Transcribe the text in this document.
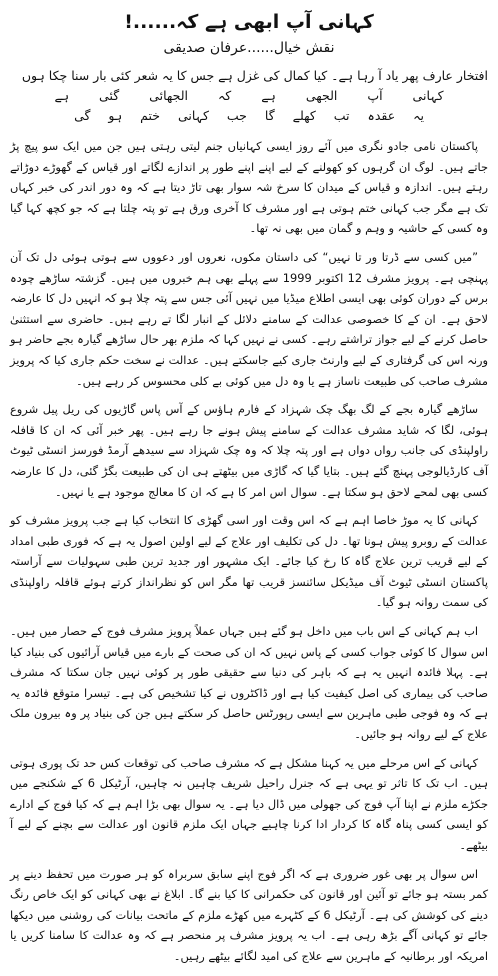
کہانی آپ ابھی ہے کہ......!
نقش خیال......عرفان صدیقی

افتخار عارف پھر یاد آ رہا ہے۔ کیا کمال کی غزل ہے جس کا یہ شعر کئی بار سنا چکا ہوں

کہانی آپ الجھی ہے کہ الجھائی گئی ہے

یہ عقدہ تب کھلے گا جب کہانی ختم ہو گی

پاکستان نامی جادو نگری میں آئے روز ایسی کہانیاں جنم لیتی رہتی ہیں جن میں ایک سو پیچ پڑ جاتے ہیں۔ لوگ ان گرہوں کو کھولنے کے لیے اپنے اپنے طور پر اندازے لگاتے اور قیاس کے گھوڑے دوڑاتے رہتے ہیں۔ اندازہ و قیاس کے میدان کا سرخ شہ سوار بھی تاڑ دیتا ہے کہ وہ دور اندر کی خبر کہاں تک ہے مگر جب کہانی ختم ہوتی ہے اور مشرف کا آخری ورق ہے تو پتہ چلتا ہے کہ جو کچھ کہا گیا وہ کسی کے حاشیہ و وہم و گمان میں بھی نہ تھا۔

”میں کسی سے ڈرتا ور تا نہیں“ کی داستان مکوں، نعروں اور دعووں سے ہوتی ہوئی دل تک آن پہنچی ہے۔ پرویز مشرف 12 اکتوبر 1999 سے پہلے بھی ہم خبروں میں ہیں۔ گزشتہ ساڑھے چودہ برس کے دوران کوئی بھی ایسی اطلاع میڈیا میں نہیں آئی جس سے پتہ چلا ہو کہ انہیں دل کا عارضہ لاحق ہے۔ ان کے کا خصوصی عدالت کے سامنے دلائل کے انبار لگا تے رہے ہیں۔ حاضری سے استثنیٰ حاصل کرنے کے لیے جواز تراشتے رہے۔ کسی نے نہیں کہا کہ ملزم بھر حال ساڑھے گیارہ بجے حاضر ہو ورنہ اس کی گرفتاری کے لیے وارنٹ جاری کیے جاسکتے ہیں۔ عدالت نے سخت حکم جاری کیا کہ پرویز مشرف صاحب کی طبیعت ناساز ہے یا وہ دل میں کوئی بے کلی محسوس کر رہے ہیں۔

ساڑھے گیارہ بجے کے لگ بھگ چک شہزاد کے فارم ہاؤس کے آس پاس گاڑیوں کی ریل پیل شروع ہوئی، لگا کہ شاید مشرف عدالت کے سامنے پیش ہونے جا رہے ہیں۔ پھر خبر آئی کہ ان کا قافلہ راولپنڈی کی جانب رواں دواں ہے اور پتہ چلا کہ وہ چک شہزاد سے سیدھے آرمڈ فورسز انسٹی ٹیوٹ آف کارڈیالوجی پہنچ گئے ہیں۔ بتایا گیا کہ گاڑی میں بیٹھتے ہی ان کی طبیعت بگڑ گئی، دل کا عارضہ کسی بھی لمحے لاحق ہو سکتا ہے۔ سوال اس امر کا ہے کہ ان کا معالج موجود ہے یا نہیں۔

کہانی کا یہ موڑ خاصا اہم ہے کہ اس وقت اور اسی گھڑی کا انتخاب کیا ہے جب پرویز مشرف کو عدالت کے روبرو پیش ہونا تھا۔ دل کی تکلیف اور علاج کے لیے اولین اصول یہ ہے کہ فوری طبی امداد کے لیے قریب ترین علاج گاہ کا رخ کیا جائے۔ ایک مشہور اور جدید ترین طبی سہولیات سے آراستہ پاکستان انسٹی ٹیوٹ آف میڈیکل سائنسز قریب تھا مگر اس کو نظرانداز کرتے ہوئے قافلہ راولپنڈی کی سمت روانہ ہو گیا۔

اب ہم کہانی کے اس باب میں داخل ہو گئے ہیں جہاں عملاً پرویز مشرف فوج کے حصار میں ہیں۔ اس سوال کا کوئی جواب کسی کے پاس نہیں کہ ان کی صحت کے بارے میں قیاس آرائیوں کی بنیاد کیا ہے۔ پہلا فائدہ انہیں یہ ہے کہ باہر کی دنیا سے حقیقی طور پر کوئی نہیں جان سکتا کہ مشرف صاحب کی بیماری کی اصل کیفیت کیا ہے اور ڈاکٹروں نے کیا تشخیص کی ہے۔ تیسرا متوقع فائدہ یہ ہے کہ وہ فوجی طبی ماہرین سے ایسی رپورٹس حاصل کر سکتے ہیں جن کی بنیاد پر وہ بیرون ملک علاج کے لیے روانہ ہو جائیں۔

کہانی کے اس مرحلے میں یہ کہنا مشکل ہے کہ مشرف صاحب کی توقعات کس حد تک پوری ہوتی ہیں۔ اب تک کا تاثر تو یہی ہے کہ جنرل راحیل شریف چاہیں نہ چاہیں، آرٹیکل 6 کے شکنجے میں جکڑے ملزم نے اپنا آپ فوج کی جھولی میں ڈال دیا ہے۔ یہ سوال بھی بڑا اہم ہے کہ کیا فوج کے ادارے کو ایسی کسی پناہ گاہ کا کردار ادا کرنا چاہیے جہاں ایک ملزم قانون اور عدالت سے بچنے کے لیے آ بیٹھے۔

اس سوال پر بھی غور ضروری ہے کہ اگر فوج اپنے سابق سربراہ کو ہر صورت میں تحفظ دینے پر کمر بستہ ہو جائے تو آئین اور قانون کی حکمرانی کا کیا بنے گا۔ ابلاغ نے بھی کہانی کو ایک خاص رنگ دینے کی کوشش کی ہے۔ آرٹیکل 6 کے کٹہرے میں کھڑے ملزم کے ماتحت بیانات کی روشنی میں دیکھا جائے تو کہانی آگے بڑھ رہی ہے۔ اب یہ پرویز مشرف پر منحصر ہے کہ وہ عدالت کا سامنا کریں یا امریکہ اور برطانیہ کے ماہرین سے علاج کی امید لگائے بیٹھے رہیں۔
